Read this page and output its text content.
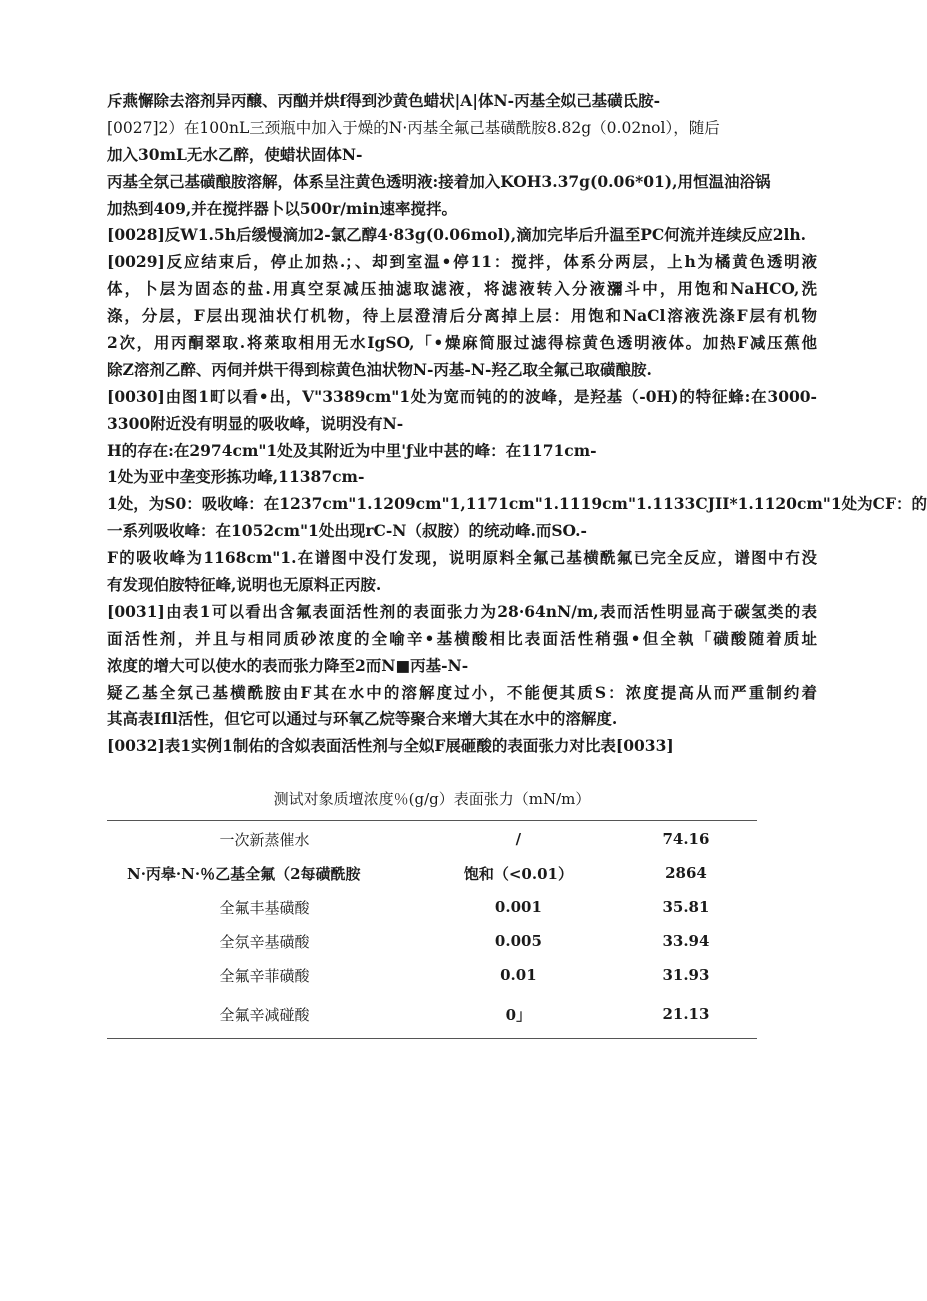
斥燕懈除去溶剂异丙醸、丙酗并烘f得到沙黄色蜡状|A|体N-丙基全姒己基磺氐胺-
[0027]2）在100nL三颈瓶中加入于燥的N·丙基全氟己基磺酰胺8.82g（0.02nol），随后
加入30mL无水乙醉，使蜡状固体N-
丙基全氛己基磺酿胺溶解，体系呈注黄色透明液:接着加入KOH3.37g(0.06*01),用恒温油浴锅
加热到409,并在搅拌器卜以500r/min速率搅拌。
[0028]反W1.5h后缓慢滴加2-氯乙醇4·83g(0.06mol),滴加完毕后升温至PC何流并连续反应2lh.
[0029]反应结束后，停止加热.；、却到室温•停11：搅拌，体系分两层，上h为橘黄色透明液
体，卜层为固态的盐.用真空泵减压抽滤取滤液，将滤液转入分液瀰斗中，用饱和NaHCO,洗
涤，分层，F层出现油状仃机物，待上层澄清后分离掉上层：用饱和NaCl溶液洗涤F层有机物
2次，用丙酮翠取.将萊取相用无水IgSO,「•燥麻简服过滤得棕黄色透明液体。加热F减压蕉他
除Z溶剂乙醉、丙伺并烘干得到棕黄色油状物N-丙基-N-羟乙取全氟己取磺酿胺.
[0030]由图1町以看•出，V"3389cm"1处为宽而钝的的波峰，是羟基（-0H)的特征蜂:在3000-
3300附近没有明显的吸收峰，说明没有N-
H的存在:在2974cm"1处及其附近为中里'ƒ业中甚的峰：在1171cm-
1处为亚中垄变形拣功峰,11387cm-
1处，为S0：吸收峰：在1237cm"1.1209cm"1,1171cm"1.1119cm"1.1133CJII*1.1120cm"1处为CF：的
一系列吸收峰：在1052cm"1处出现rC-N（叔胺）的统动峰.而SO.-
F的吸收峰为1168cm"1.在谱图中没仃发现，说明原料全氟己基横酰氟已完全反应，谱图中冇没
有发现伯胺特征峰,说明也无原料正丙胺.
[0031]由表1可以看出含氟表面活性剂的表面张力为28·64nN/m,表而活性明显高于碳氢类的表
面活性剂，并且与相同质砂浓度的全喻辛•基横酸相比表面活性稍强•但全執「磺酸随着质址
浓度的增大可以使水的表而张力降至2而N■丙基-N-
疑乙基全氛己基横酰胺由F其在水中的溶解度过小，不能便其质S：浓度提高从而严重制约着
其高表Ifll活性，但它可以通过与环氧乙烷等聚合来增大其在水中的溶解度.
[0032]表1实例1制佑的含姒表面活性剂与全姒F展砸酸的表面张力对比表[0033]
测试对象质壇浓度％(g/g）表面张力（mN/m）
一次新蒸催水	/	74.16
N·丙皋·N·％乙基全氟（2每磺酰胺	饱和（<0.01）	2864
全氟丰基磺酸	0.001	35.81
全氛辛基磺酸	0.005	33.94
全氟辛菲磺酸	0.01	31.93
全氟辛减碰酸	0」	21.13
